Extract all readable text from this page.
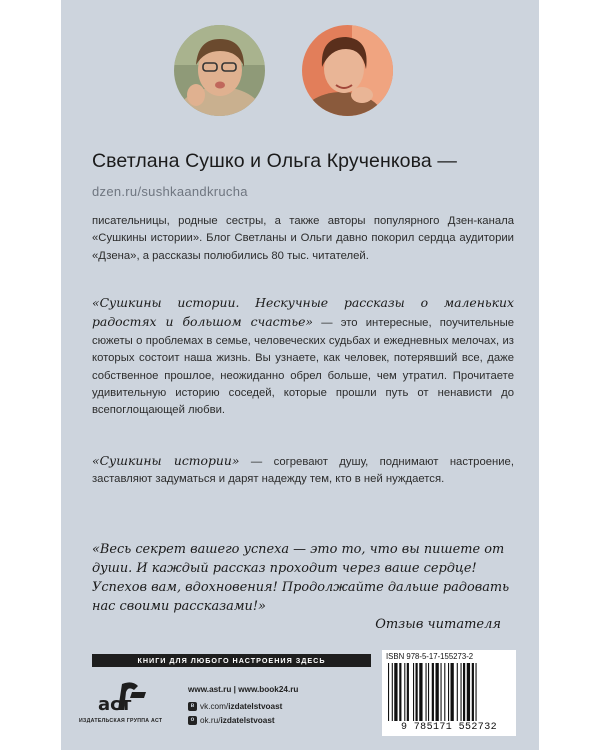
Светлана Сушко и Ольга Крученкова —
dzen.ru/sushkaandkrucha
писательницы, родные сестры, а также авторы популярного Дзен-канала «Сушкины истории». Блог Светланы и Ольги давно покорил сердца аудитории «Дзена», а рассказы полюбились 80 тыс. читателей.
«Сушкины истории. Нескучные рассказы о маленьких радостях и большом счастье» — это интересные, поучительные сюжеты о проблемах в семье, человеческих судьбах и ежедневных мелочах, из которых состоит наша жизнь. Вы узнаете, как человек, потерявший все, даже собственное прошлое, неожиданно обрел больше, чем утратил. Прочитаете удивительную историю соседей, которые прошли путь от ненависти до всепоглощающей любви.
«Сушкины истории» — согревают душу, поднимают настроение, заставляют задуматься и дарят надежду тем, кто в ней нуждается.
«Весь секрет вашего успеха — это то, что вы пишете от души. И каждый рассказ проходит через ваше сердце! Успехов вам, вдохновения! Продолжайте дальше радовать нас своими рассказами!»
Отзыв читателя
КНИГИ ДЛЯ ЛЮБОГО НАСТРОЕНИЯ ЗДЕСЬ
аст
ИЗДАТЕЛЬСКАЯ ГРУППА АСТ
www.ast.ru | www.book24.ru
в vk.com/ izdatelstvoast
о ok.ru/ izdatelstvoast
ISBN 978-5-17-155273-2
9 785171 552732
